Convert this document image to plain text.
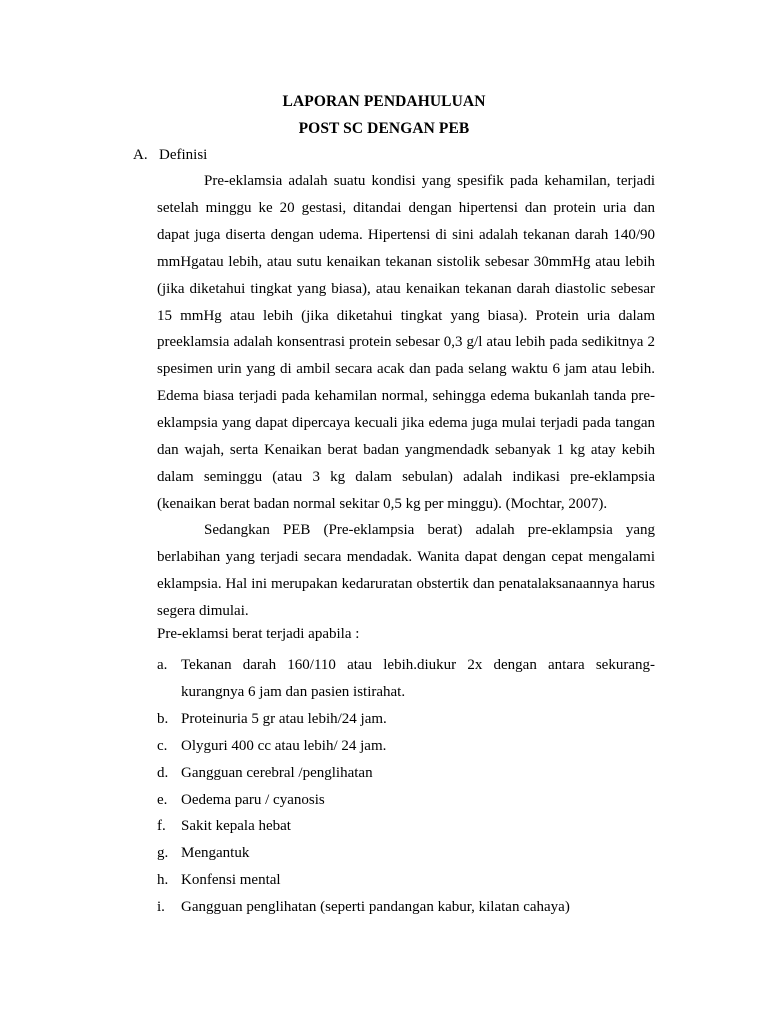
LAPORAN PENDAHULUAN
POST SC DENGAN PEB
A. Definisi

Pre-eklamsia adalah suatu kondisi yang spesifik pada kehamilan, terjadi setelah minggu ke 20 gestasi, ditandai dengan hipertensi dan protein uria dan dapat juga diserta dengan udema. Hipertensi di sini adalah tekanan darah 140/90 mmHgatau lebih, atau sutu kenaikan tekanan sistolik sebesar 30mmHg atau lebih (jika diketahui tingkat yang biasa), atau kenaikan tekanan darah diastolic sebesar 15 mmHg atau lebih (jika diketahui tingkat yang biasa). Protein uria dalam preeklamsia adalah konsentrasi protein sebesar 0,3 g/l atau lebih pada sedikitnya 2 spesimen urin yang di ambil secara acak dan pada selang waktu 6 jam atau lebih. Edema biasa terjadi pada kehamilan normal, sehingga edema bukanlah tanda pre-eklampsia yang dapat dipercaya kecuali jika edema juga mulai terjadi pada tangan dan wajah, serta Kenaikan berat badan yangmendadk sebanyak 1 kg atay kebih dalam seminggu (atau 3 kg dalam sebulan) adalah indikasi pre-eklampsia (kenaikan berat badan normal sekitar 0,5 kg per minggu). (Mochtar, 2007).

Sedangkan PEB (Pre-eklampsia berat) adalah pre-eklampsia yang berlabihan yang terjadi secara mendadak. Wanita dapat dengan cepat mengalami eklampsia. Hal ini merupakan kedaruratan obstertik dan penatalaksanaannya harus segera dimulai.

Pre-eklamsi berat terjadi apabila :
a. Tekanan darah 160/110 atau lebih.diukur 2x dengan antara sekurang-kurangnya 6 jam dan pasien istirahat.
b. Proteinuria 5 gr atau lebih/24 jam.
c. Olyguri 400 cc atau lebih/ 24 jam.
d. Gangguan cerebral /penglihatan
e. Oedema paru / cyanosis
f.	Sakit kepala hebat
g. Mengantuk
h. Konfensi mental
i.	Gangguan penglihatan (seperti pandangan kabur, kilatan cahaya)
